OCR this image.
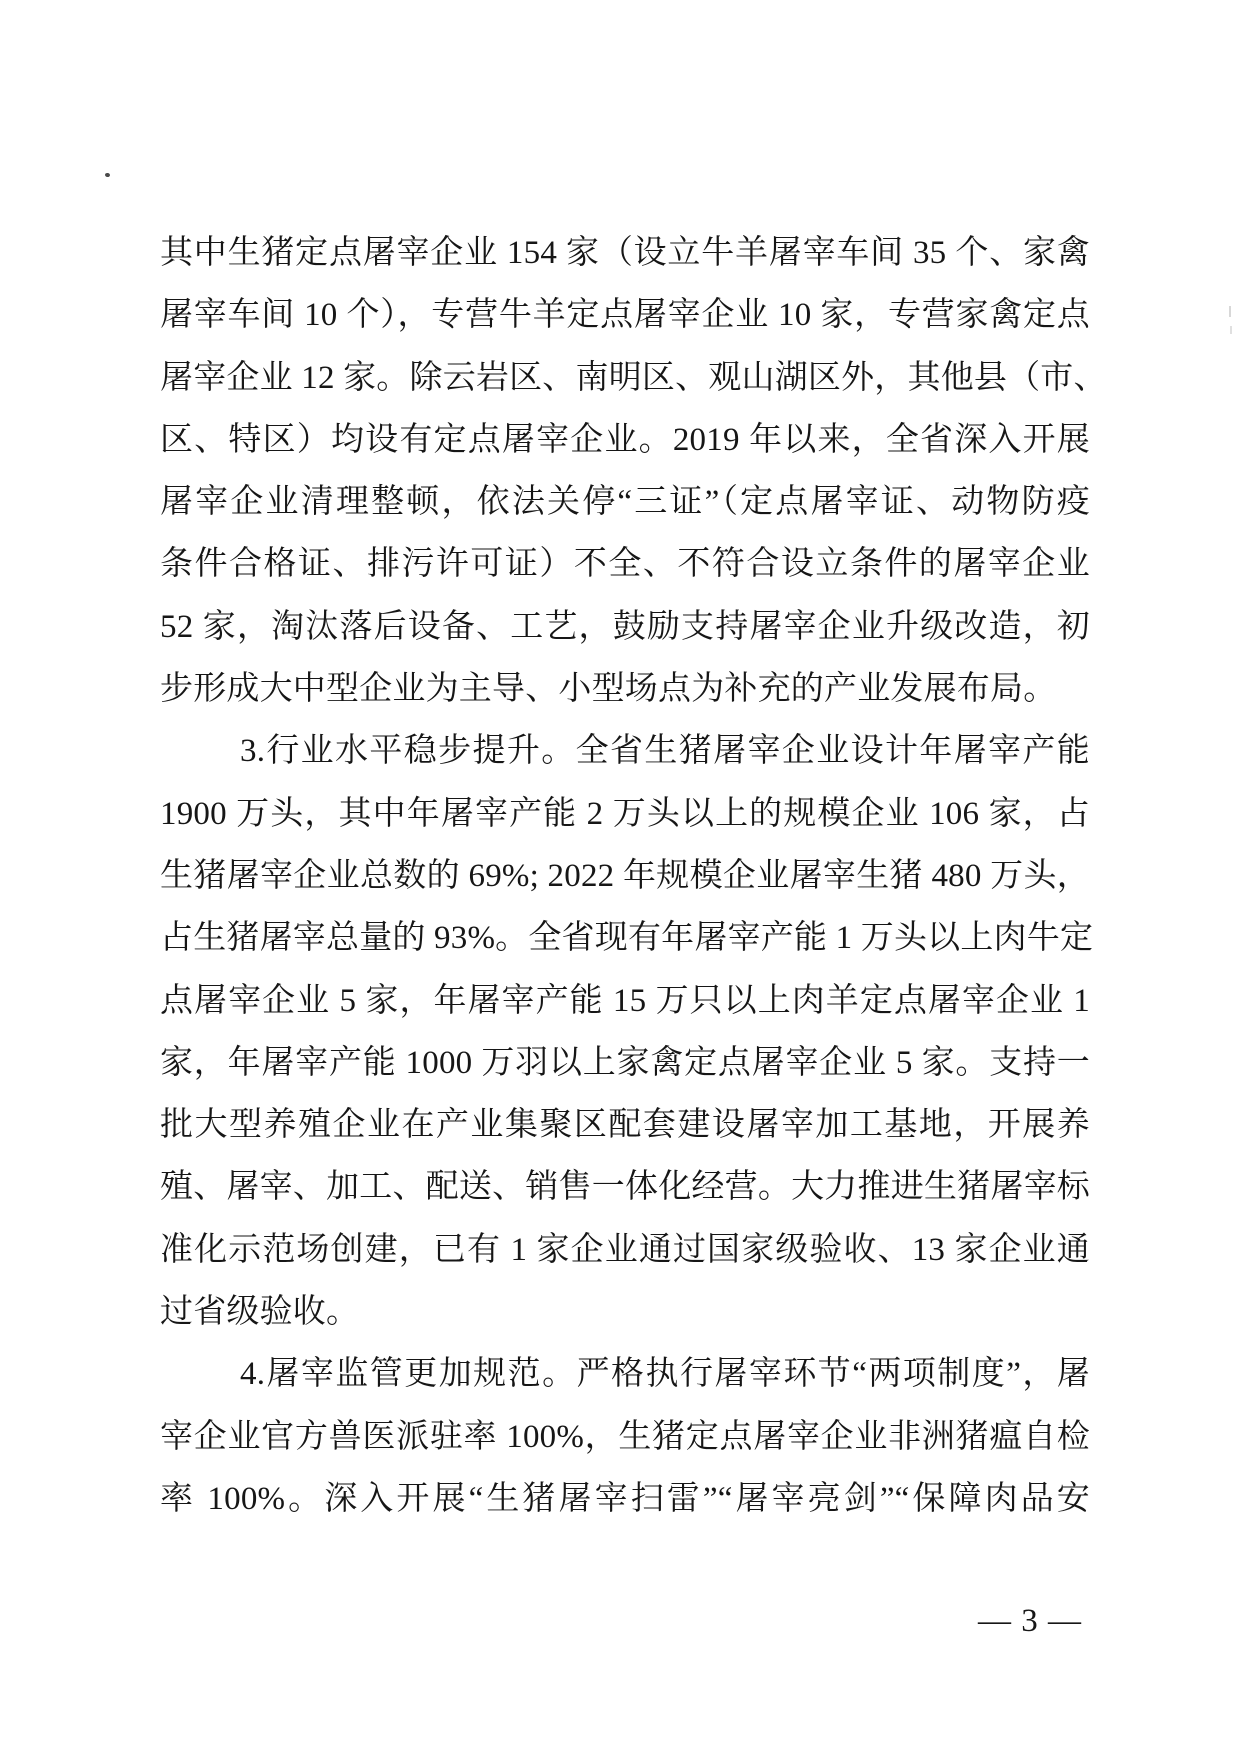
其中生猪定点屠宰企业 154 家（设立牛羊屠宰车间 35 个、家禽
屠宰车间 10 个），专营牛羊定点屠宰企业 10 家，专营家禽定点
屠宰企业 12 家。除云岩区、南明区、观山湖区外，其他县（市、
区、特区）均设有定点屠宰企业。2019 年以来，全省深入开展
屠宰企业清理整顿，依法关停“三证”（定点屠宰证、动物防疫
条件合格证、排污许可证）不全、不符合设立条件的屠宰企业
52 家，淘汰落后设备、工艺，鼓励支持屠宰企业升级改造，初
步形成大中型企业为主导、小型场点为补充的产业发展布局。
3.行业水平稳步提升。全省生猪屠宰企业设计年屠宰产能
1900 万头，其中年屠宰产能 2 万头以上的规模企业 106 家，占
生猪屠宰企业总数的 69%; 2022 年规模企业屠宰生猪 480 万头，
占生猪屠宰总量的 93%。全省现有年屠宰产能 1 万头以上肉牛定
点屠宰企业 5 家，年屠宰产能 15 万只以上肉羊定点屠宰企业 1
家，年屠宰产能 1000 万羽以上家禽定点屠宰企业 5 家。支持一
批大型养殖企业在产业集聚区配套建设屠宰加工基地，开展养
殖、屠宰、加工、配送、销售一体化经营。大力推进生猪屠宰标
准化示范场创建，已有 1 家企业通过国家级验收、13 家企业通
过省级验收。
4.屠宰监管更加规范。严格执行屠宰环节“两项制度”，屠
宰企业官方兽医派驻率 100%，生猪定点屠宰企业非洲猪瘟自检
率 100%。深入开展“生猪屠宰扫雷”“屠宰亮剑”“保障肉品安
— 3 —
